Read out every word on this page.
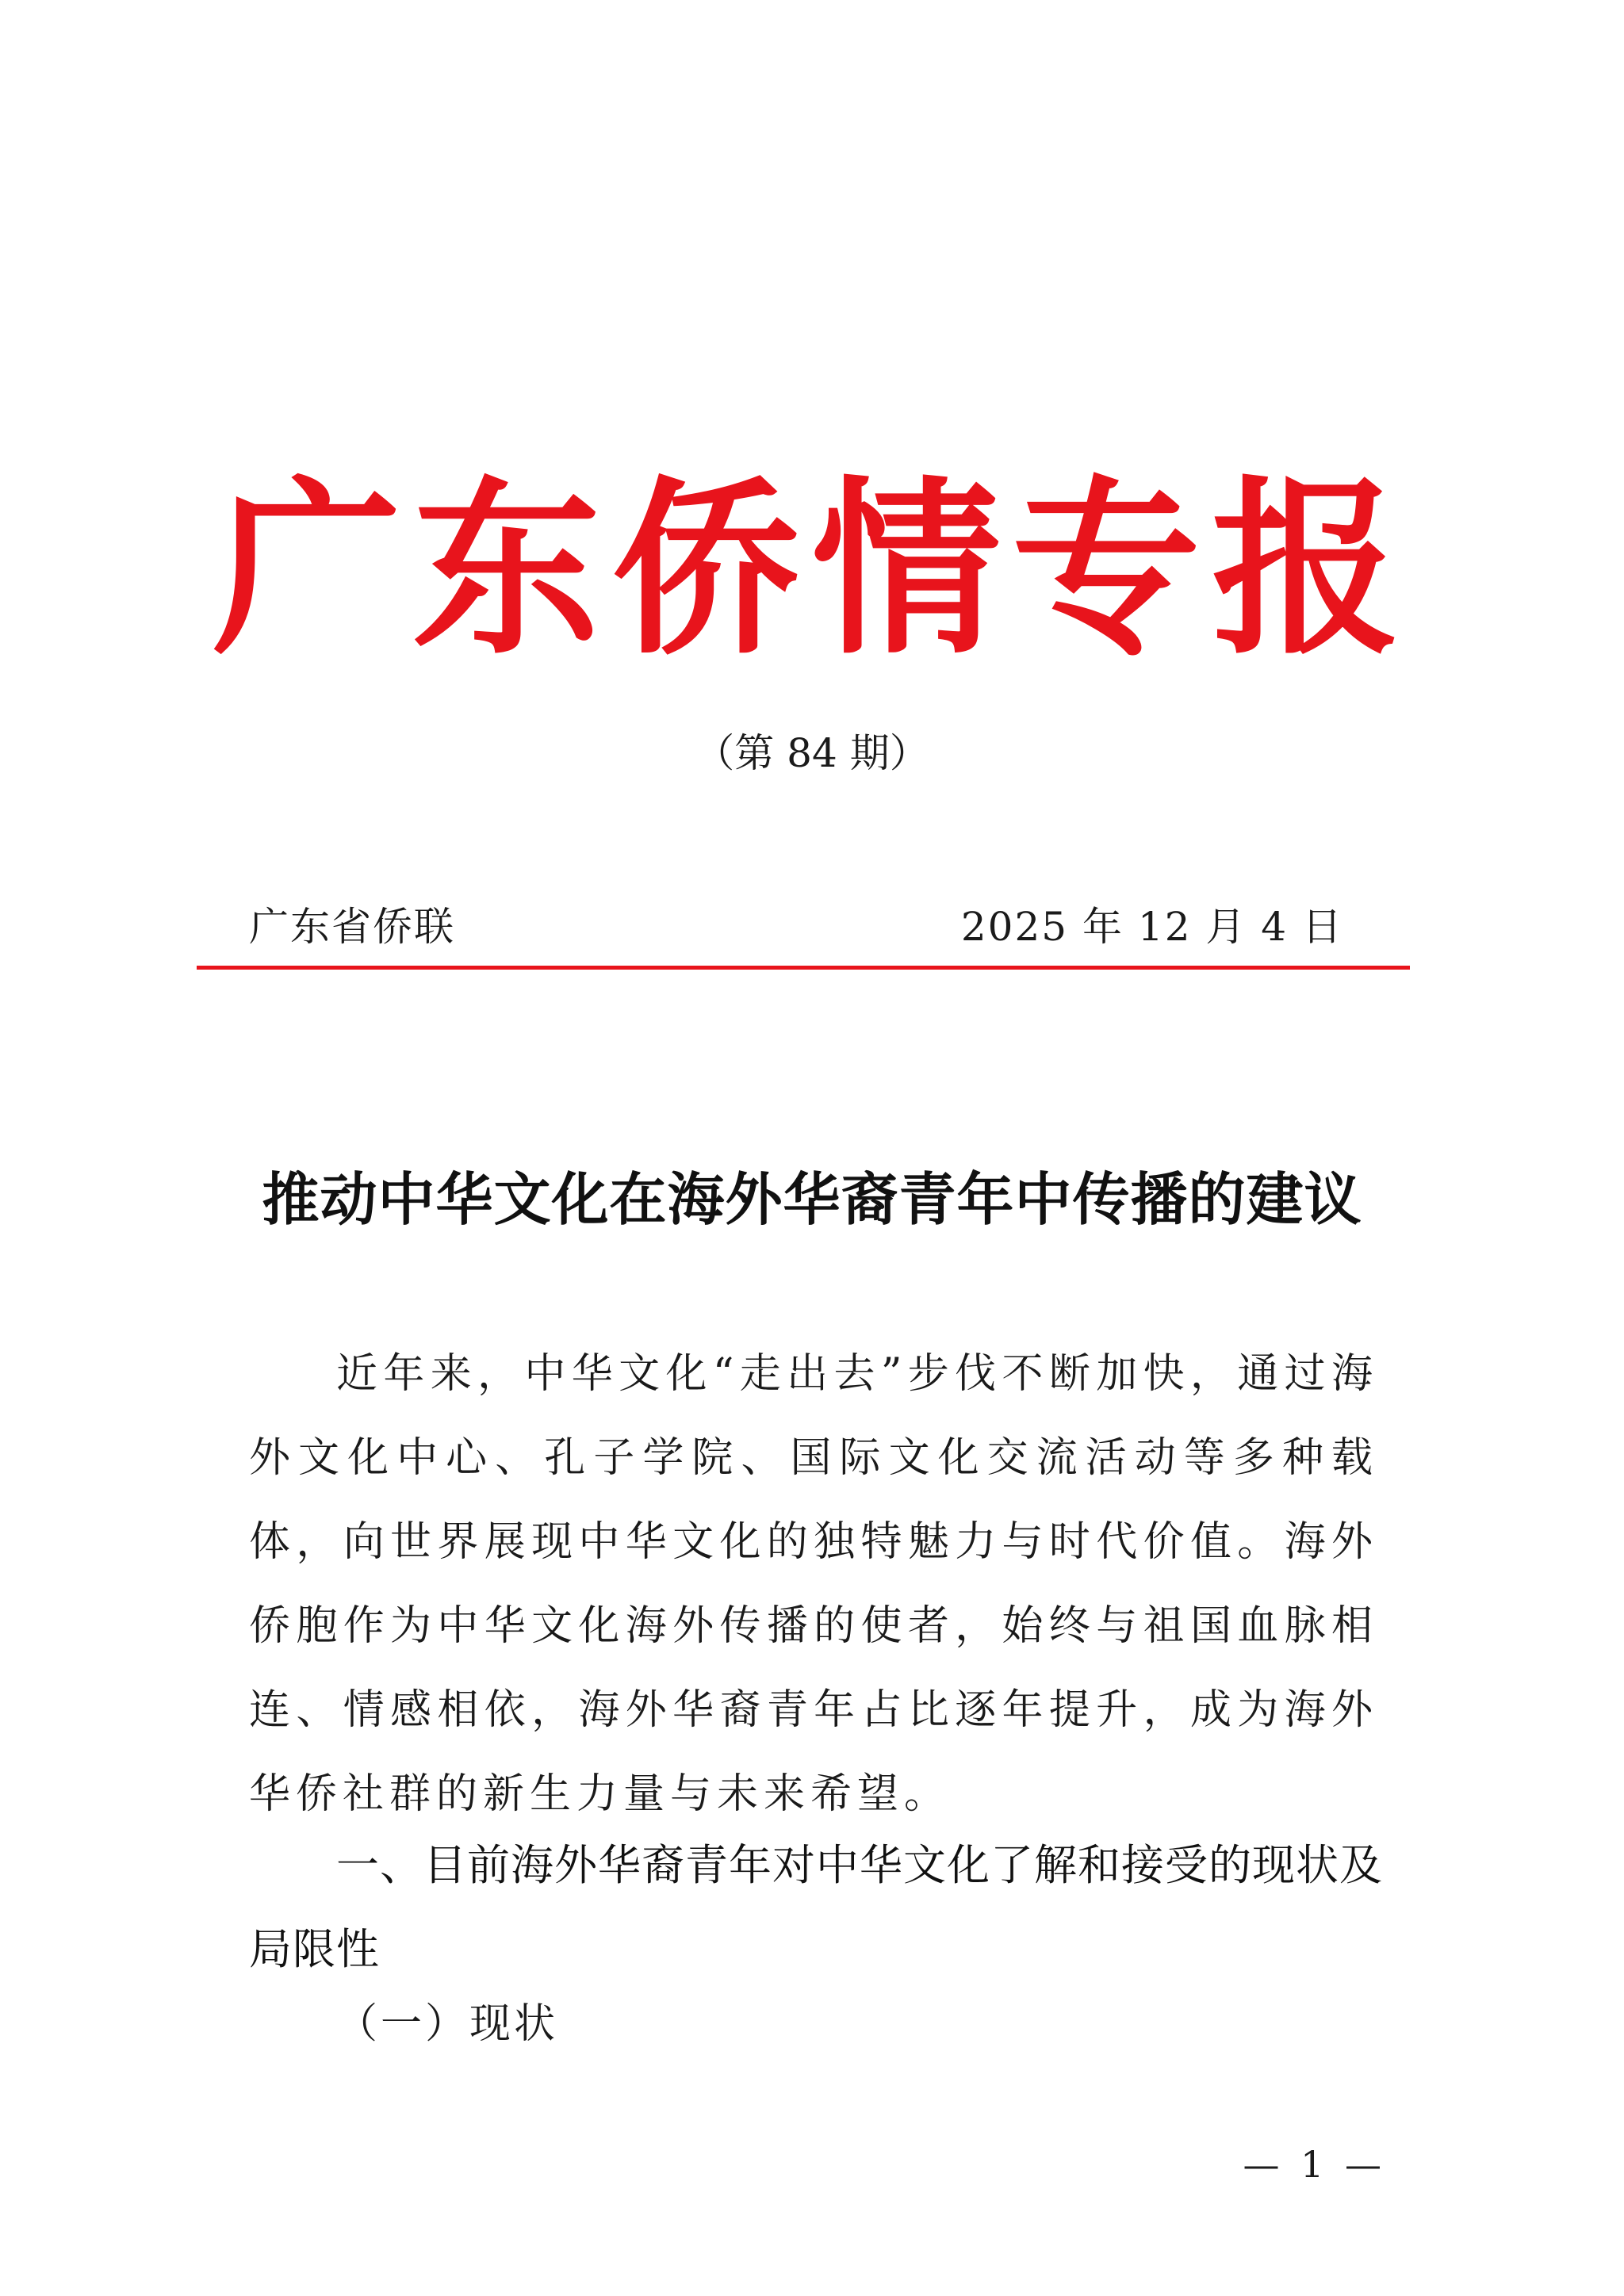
广东侨情专报
（第 84 期）
广东省侨联	2025 年 12 月 4 日
推动中华文化在海外华裔青年中传播的建议

近年来，中华文化“走出去”步伐不断加快，通过海外文化中心、孔子学院、国际文化交流活动等多种载体，向世界展现中华文化的独特魅力与时代价值。海外侨胞作为中华文化海外传播的使者，始终与祖国血脉相连、情感相依，海外华裔青年占比逐年提升，成为海外华侨社群的新生力量与未来希望。

一、目前海外华裔青年对中华文化了解和接受的现状及局限性

（一）现状

— 1 —
